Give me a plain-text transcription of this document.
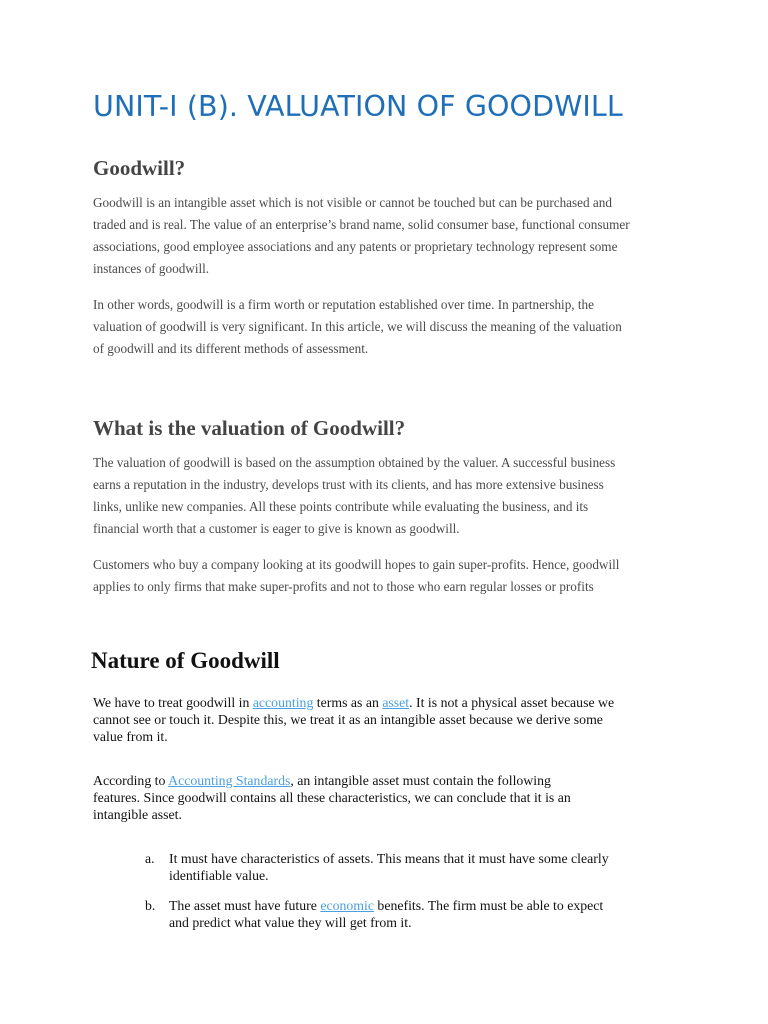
UNIT-I (B). VALUATION OF GOODWILL
Goodwill?

Goodwill is an intangible asset which is not visible or cannot be touched but can be purchased and
traded and is real. The value of an enterprise’s brand name, solid consumer base, functional consumer
associations, good employee associations and any patents or proprietary technology represent some
instances of goodwill.

In other words, goodwill is a firm worth or reputation established over time. In partnership, the
valuation of goodwill is very significant. In this article, we will discuss the meaning of the valuation
of goodwill and its different methods of assessment.

What is the valuation of Goodwill?

The valuation of goodwill is based on the assumption obtained by the valuer. A successful business
earns a reputation in the industry, develops trust with its clients, and has more extensive business
links, unlike new companies. All these points contribute while evaluating the business, and its
financial worth that a customer is eager to give is known as goodwill.

Customers who buy a company looking at its goodwill hopes to gain super-profits. Hence, goodwill
applies to only firms that make super-profits and not to those who earn regular losses or profits

Nature of Goodwill

We have to treat goodwill in accounting terms as an asset. It is not a physical asset because we
cannot see or touch it. Despite this, we treat it as an intangible asset because we derive some
value from it.

According to Accounting Standards, an intangible asset must contain the following
features. Since goodwill contains all these characteristics, we can conclude that it is an
intangible asset.

a. It must have characteristics of assets. This means that it must have some clearly
identifiable value.
b. The asset must have future economic benefits. The firm must be able to expect
and predict what value they will get from it.
